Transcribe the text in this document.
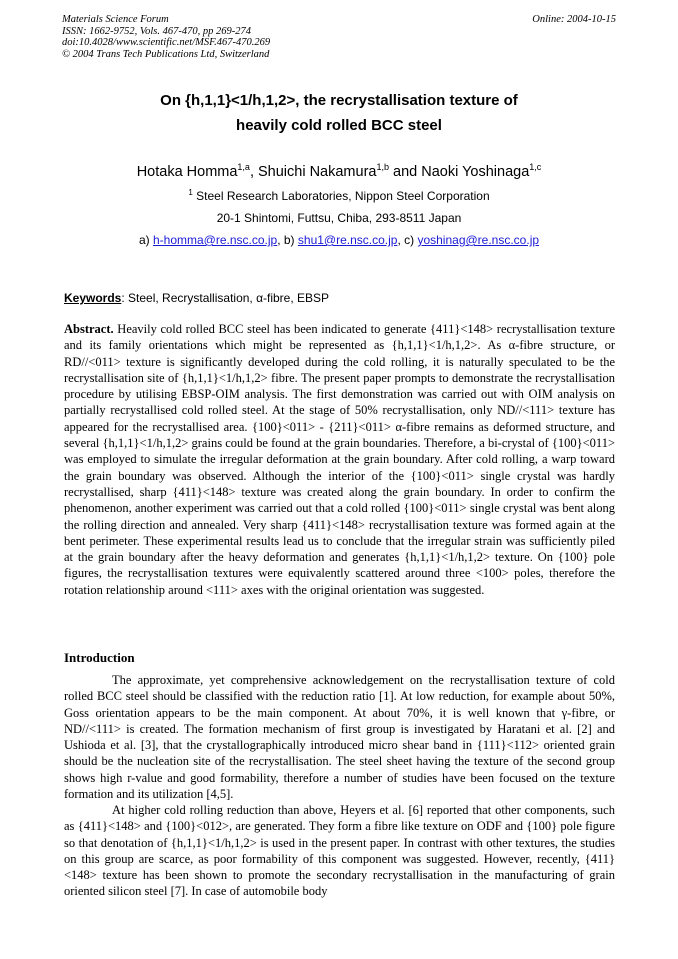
Materials Science Forum
ISSN: 1662-9752, Vols. 467-470, pp 269-274
doi:10.4028/www.scientific.net/MSF.467-470.269
© 2004 Trans Tech Publications Ltd, Switzerland
Online: 2004-10-15
On {h,1,1}<1/h,1,2>, the recrystallisation texture of
heavily cold rolled BCC steel
Hotaka Homma$^{1,a}$, Shuichi Nakamura$^{1,b}$ and Naoki Yoshinaga$^{1,c}$
$^1$ Steel Research Laboratories, Nippon Steel Corporation
20-1 Shintomi, Futtsu, Chiba, 293-8511 Japan
a) h-homma@re.nsc.co.jp, b) shu1@re.nsc.co.jp, c) yoshinag@re.nsc.co.jp
Keywords: Steel, Recrystallisation, α-fibre, EBSP
Abstract. Heavily cold rolled BCC steel has been indicated to generate {411}<148> recrystallisation texture and its family orientations which might be represented as {h,1,1}<1/h,1,2>. As α-fibre structure, or RD//<011> texture is significantly developed during the cold rolling, it is naturally speculated to be the recrystallisation site of {h,1,1}<1/h,1,2> fibre. The present paper prompts to demonstrate the recrystallisation procedure by utilising EBSP-OIM analysis. The first demonstration was carried out with OIM analysis on partially recrystallised cold rolled steel. At the stage of 50% recrystallisation, only ND//<111> texture has appeared for the recrystallised area. {100}<011> - {211}<011> α-fibre remains as deformed structure, and several {h,1,1}<1/h,1,2> grains could be found at the grain boundaries. Therefore, a bi-crystal of {100}<011> was employed to simulate the irregular deformation at the grain boundary. After cold rolling, a warp toward the grain boundary was observed. Although the interior of the {100}<011> single crystal was hardly recrystallised, sharp {411}<148> texture was created along the grain boundary. In order to confirm the phenomenon, another experiment was carried out that a cold rolled {100}<011> single crystal was bent along the rolling direction and annealed. Very sharp {411}<148> recrystallisation texture was formed again at the bent perimeter. These experimental results lead us to conclude that the irregular strain was sufficiently piled at the grain boundary after the heavy deformation and generates {h,1,1}<1/h,1,2> texture. On {100} pole figures, the recrystallisation textures were equivalently scattered around three <100> poles, therefore the rotation relationship around <111> axes with the original orientation was suggested.
Introduction
The approximate, yet comprehensive acknowledgement on the recrystallisation texture of cold rolled BCC steel should be classified with the reduction ratio [1]. At low reduction, for example about 50%, Goss orientation appears to be the main component. At about 70%, it is well known that γ-fibre, or ND//<111> is created. The formation mechanism of first group is investigated by Haratani et al. [2] and Ushioda et al. [3], that the crystallographically introduced micro shear band in {111}<112> oriented grain should be the nucleation site of the recrystallisation. The steel sheet having the texture of the second group shows high r-value and good formability, therefore a number of studies have been focused on the texture formation and its utilization [4,5].
At higher cold rolling reduction than above, Heyers et al. [6] reported that other components, such as {411}<148> and {100}<012>, are generated. They form a fibre like texture on ODF and {100} pole figure so that denotation of {h,1,1}<1/h,1,2> is used in the present paper. In contrast with other textures, the studies on this group are scarce, as poor formability of this component was suggested. However, recently, {411}<148> texture has been shown to promote the secondary recrystallisation in the manufacturing of grain oriented silicon steel [7]. In case of automobile body
